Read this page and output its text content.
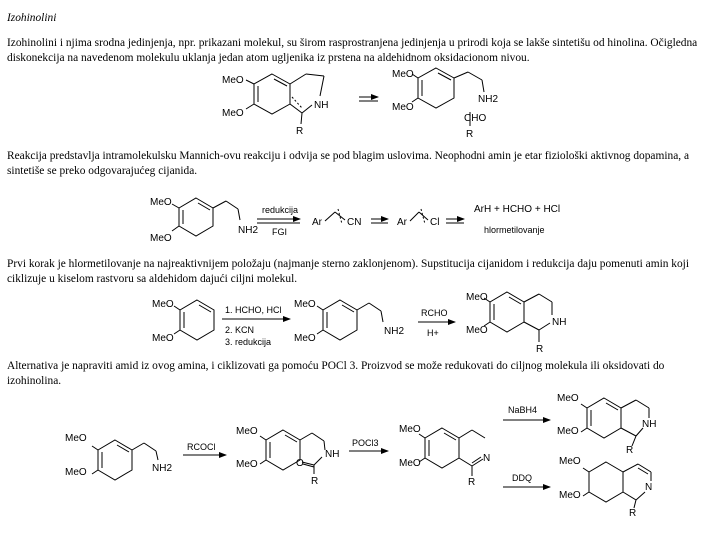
Izohinolini
Izohinolini i njima srodna jedinjenja, npr. prikazani molekul, su širom rasprostranjena jedinjenja u prirodi koja se lakše sintetišu od hinolina. Očigledna diskonekcija na navedenom molekulu uklanja jedan atom ugljenika iz prstena na aldehidnom oksidacionom nivou.
Reakcija predstavlja intramolekulsku Mannich-ovu reakciju i odvija se pod blagim uslovima. Neophodni amin je etar fiziološki aktivnog dopamina, a sintetiše se preko odgovarajućeg cijanida.
Prvi korak je hlormetilovanje na najreaktivnijem položaju (najmanje sterno zaklonjenom). Supstitucija cijanidom i redukcija daju pomenuti amin koji ciklizuje u kiselom rastvoru sa aldehidom dajući ciljni molekul.
Alternativa je napraviti amid iz ovog amina, i ciklizovati ga pomoću POCl 3. Proizvod se može redukovati do ciljnog molekula ili oksidovati do izohinolina.
MeO
MeO
NH
R
MeO
MeO
NH2
CHO
R
MeO
MeO
NH2
redukcija
FGI
Ar	CN	Ar Cl
ArH + HCHO + HCl
hlormetilovanje
MeO
MeO
1. HCHO, HCl
2. KCN
3. redukcija
MeO
MeO
NH2
RCHO
H+
MeO
MeO
NH
R
MeO
MeO	NH2
RCOCl
MeO
MeO
NH
O
R
POCl3
MeO
MeO	N
R
NaBH4
DDQ
MeO
MeO
NH
R
MeO
MeO
N
R
